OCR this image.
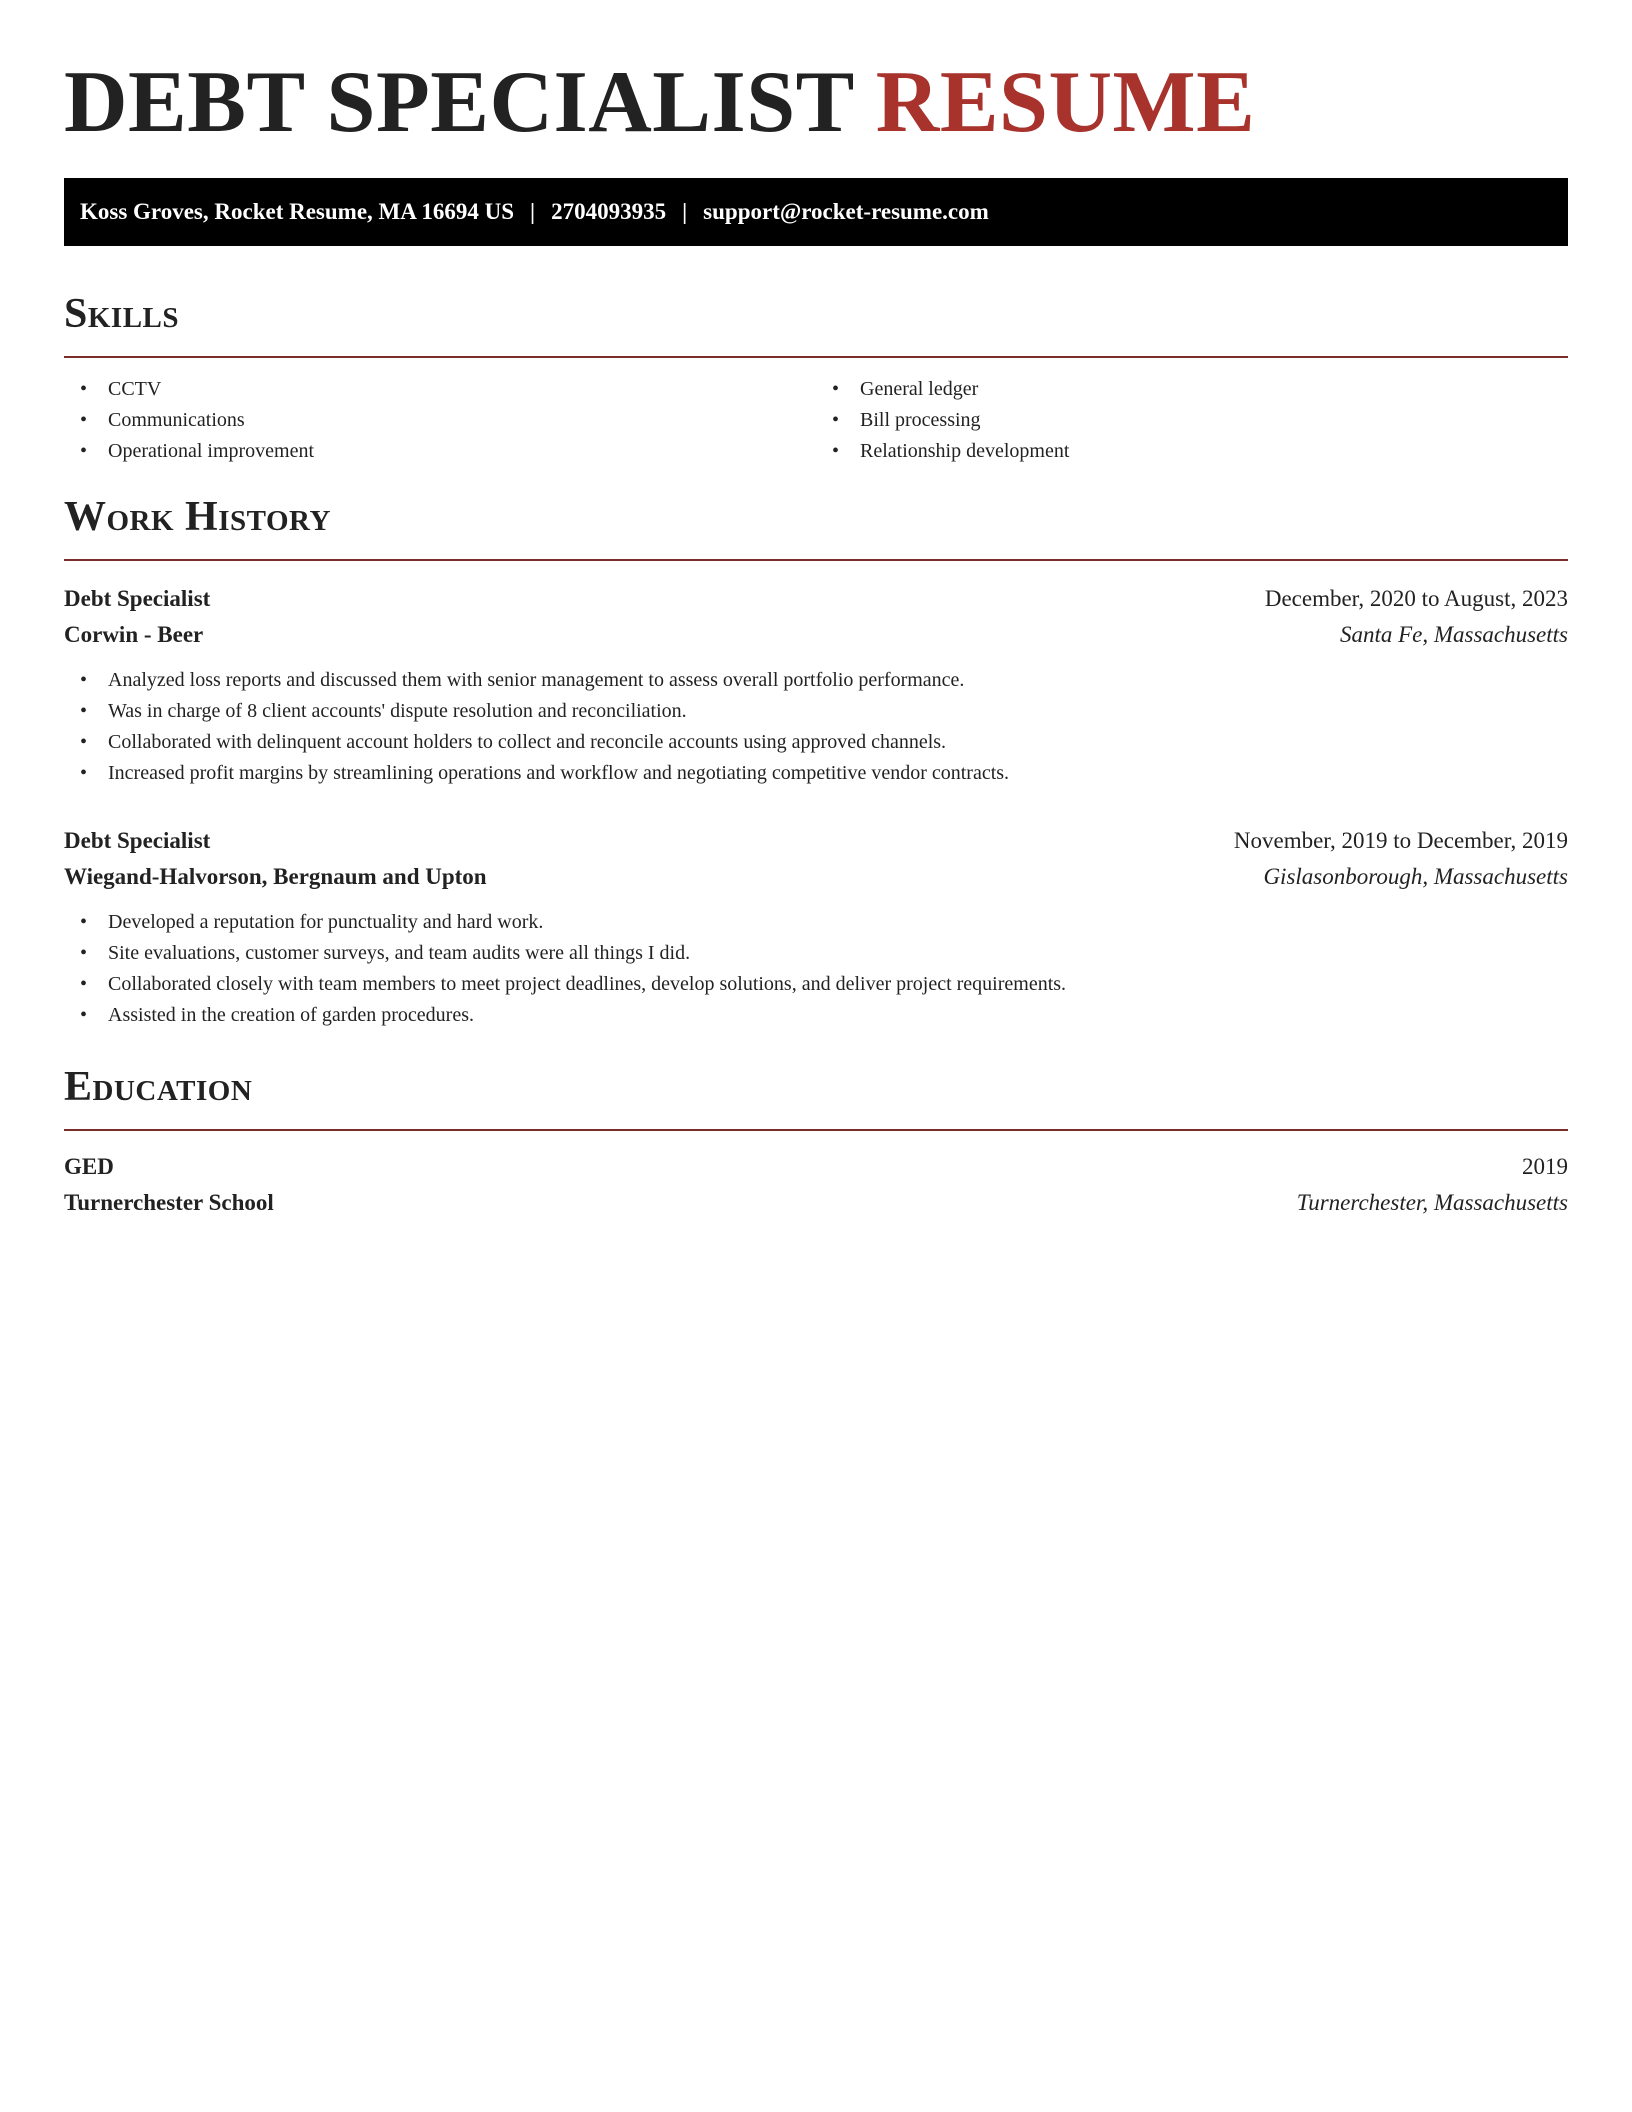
DEBT SPECIALIST RESUME
Koss Groves, Rocket Resume, MA 16694 US | 2704093935 | support@rocket-resume.com
Skills
• CCTV
• Communications
• Operational improvement
• General ledger
• Bill processing
• Relationship development
Work History
Debt Specialist	December, 2020 to August, 2023
Corwin - Beer	Santa Fe, Massachusetts
• Analyzed loss reports and discussed them with senior management to assess overall portfolio performance.
• Was in charge of 8 client accounts' dispute resolution and reconciliation.
• Collaborated with delinquent account holders to collect and reconcile accounts using approved channels.
• Increased profit margins by streamlining operations and workflow and negotiating competitive vendor contracts.
Debt Specialist	November, 2019 to December, 2019
Wiegand-Halvorson, Bergnaum and Upton	Gislasonborough, Massachusetts
• Developed a reputation for punctuality and hard work.
• Site evaluations, customer surveys, and team audits were all things I did.
• Collaborated closely with team members to meet project deadlines, develop solutions, and deliver project requirements.
• Assisted in the creation of garden procedures.
Education
GED	2019
Turnerchester School	Turnerchester, Massachusetts
